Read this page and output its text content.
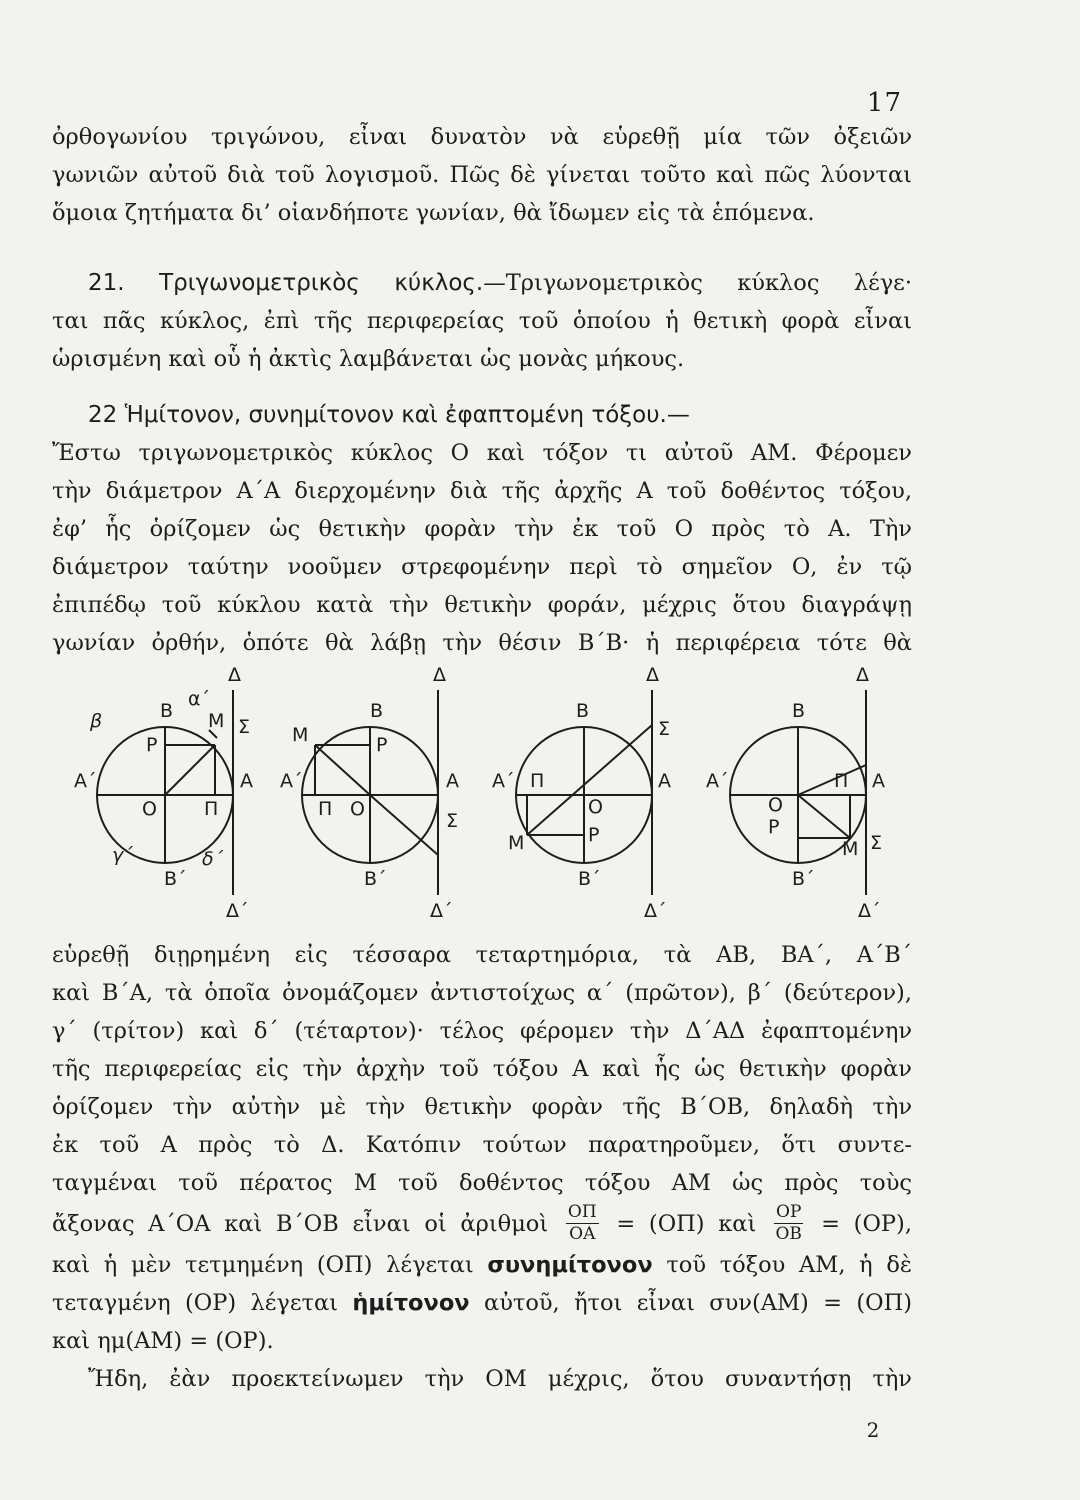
17
ὀρθογωνίου τριγώνου, εἶναι δυνατὸν νὰ εὑρεθῇ μία τῶν ὀξειῶν
γωνιῶν αὐτοῦ διὰ τοῦ λογισμοῦ. Πῶς δὲ γίνεται τοῦτο καὶ πῶς λύονται
ὅμοια ζητήματα δι’ οἱανδήποτε γωνίαν, θὰ ἴδωμεν εἰς τὰ ἑπόμενα.
21. Τριγωνομετρικὸς κύκλος.—Τριγωνομετρικὸς κύκλος λέγε·
ται πᾶς κύκλος, ἐπὶ τῆς περιφερείας τοῦ ὁποίου ἡ θετικὴ φορὰ εἶναι
ὡρισμένη καὶ οὗ ἡ ἀκτὶς λαμβάνεται ὡς μονὰς μήκους.
22 Ἡμίτονον, συνημίτονον καὶ ἐφαπτομένη τόξου.—
Ἔστω τριγωνομετρικὸς κύκλος Ο καὶ τόξον τι αὐτοῦ ΑΜ. Φέρομεν
τὴν διάμετρον Α΄Α διερχομένην διὰ τῆς ἀρχῆς Α τοῦ δοθέντος τόξου,
ἐφ’ ἧς ὁρίζομεν ὡς θετικὴν φορὰν τὴν ἐκ τοῦ Ο πρὸς τὸ Α. Τὴν
διάμετρον ταύτην νοοῦμεν στρεφομένην περὶ τὸ σημεῖον Ο, ἐν τῷ
ἐπιπέδῳ τοῦ κύκλου κατὰ τὴν θετικὴν φοράν, μέχρις ὅτου διαγράψῃ
γωνίαν ὀρθήν, ὁπότε θὰ λάβῃ τὴν θέσιν Β΄Β· ἡ περιφέρεια τότε θὰ
Δ
Δ΄
Β
α΄
Μ Σ
β
Ρ
Α΄	Α
Ο Π
γ΄
Β΄
δ΄
Δ
Δ΄
Β
Μ	Ρ
Α΄	Α
Π Ο
Σ
Β΄
Δ
Δ΄
Β
Σ
Α΄ Π	Α
Ο
Μ	Ρ
Β΄
Δ
Δ΄
Β
Α΄	Π Α
Ο
Ρ
Μ Σ
Β΄
εὑρεθῇ διῃρημένη εἰς τέσσαρα τεταρτημόρια, τὰ ΑΒ, ΒΑ΄, Α΄Β΄
καὶ Β΄Α, τὰ ὁποῖα ὀνομάζομεν ἀντιστοίχως α΄ (πρῶτον), β΄ (δεύτερον),
γ΄ (τρίτον) καὶ δ΄ (τέταρτον)· τέλος φέρομεν τὴν Δ΄ΑΔ ἐφαπτομένην
τῆς περιφερείας εἰς τὴν ἀρχὴν τοῦ τόξου Α καὶ ἧς ὡς θετικὴν φορὰν
ὁρίζομεν τὴν αὐτὴν μὲ τὴν θετικὴν φορὰν τῆς Β΄ΟΒ, δηλαδὴ τὴν
ἐκ τοῦ Α πρὸς τὸ Δ. Κατόπιν τούτων παρατηροῦμεν, ὅτι συντε-
ταγμέναι τοῦ πέρατος Μ τοῦ δοθέντος τόξου ΑΜ ὡς πρὸς τοὺς
ἄξονας Α΄ΟΑ καὶ Β΄ΟΒ εἶναι οἱ ἀριθμοὶ $\frac{O\Pi}{OA} = (O\Pi)$ καὶ $\frac{OP}{OB} = (OP)$,
καὶ ἡ μὲν τετμημένη (ΟΠ) λέγεται συνημίτονον τοῦ τόξου ΑΜ, ἡ δὲ
τεταγμένη (ΟΡ) λέγεται ἡμίτονον αὐτοῦ, ἤτοι εἶναι συν(ΑΜ) = (ΟΠ)
καὶ ημ(ΑΜ) = (ΟΡ).
Ἤδη, ἐὰν προεκτείνωμεν τὴν ΟΜ μέχρις, ὅτου συναντήσῃ τὴν
2
